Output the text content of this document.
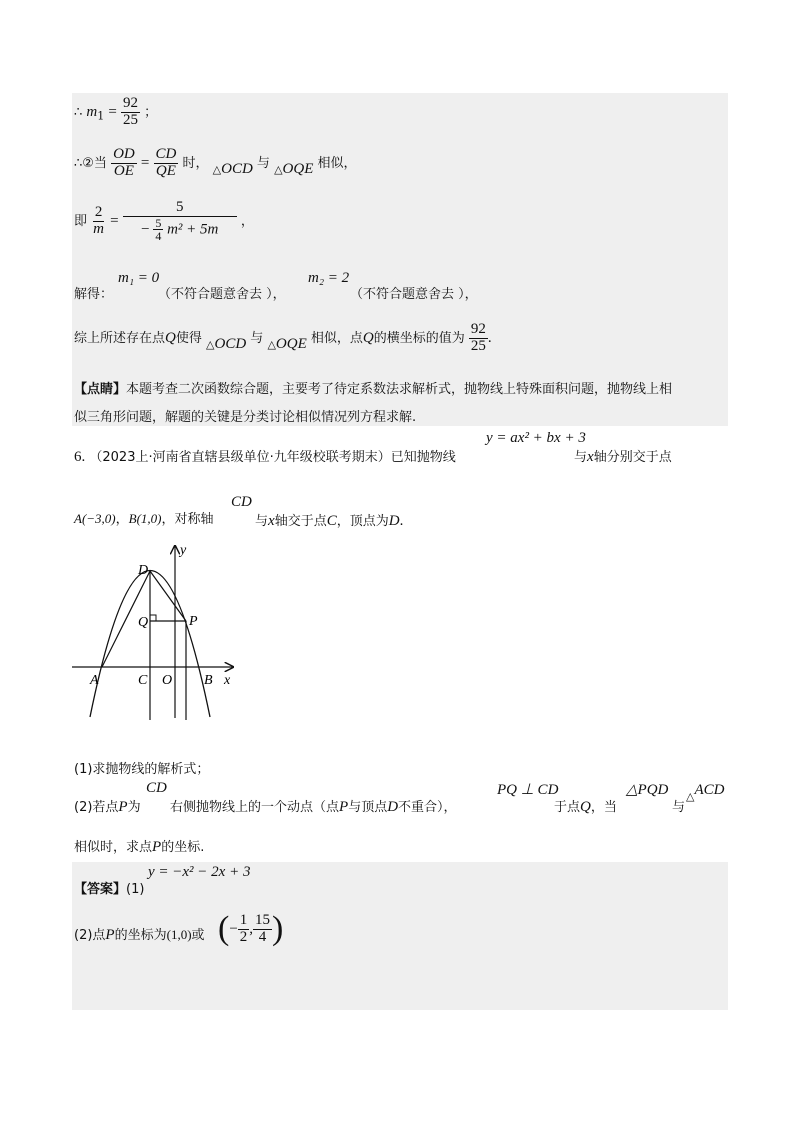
∴ $m_1 = \frac{92}{25}$ ；
∴②当 $\frac{OD}{OE} = \frac{CD}{QE}$ 时， $_\triangle$OCD 与 $_\triangle$OQE 相似，
即 $\frac{2}{m} = \frac{5}{- \frac{5}{4} m^2 + 5m}$ ，
解得：
m₁ = 0
（不符合题意舍去 ），
m₂ = 2
（不符合题意舍去 ），
综上所述存在点Q使得 $_\triangle$OCD 与 $_\triangle$OQE 相似，点Q的横坐标的值为 $\frac{92}{25}$ .
【点睛】本题考查二次函数综合题，主要考了待定系数法求解析式，抛物线上特殊面积问题，抛物线上相
似三角形问题，解题的关键是分类讨论相似情况列方程求解.
6. （2023上·河南省直辖县级单位·九年级校联考期末）已知抛物线
y = ax² + bx + 3
与x轴分别交于点
A(−3,0)，B(1,0)，对称轴
CD
与x轴交于点C，顶点为D.
y
x
D
Q	P
A	C O B
(1)求抛物线的解析式；
(2)若点P为
CD
右侧抛物线上的一个动点（点P与顶点D不重合），
PQ ⊥ CD
于点Q，当
△PQD
与
$_\triangle$ACD
相似时，求点P的坐标.
【答案】(1)
y = −x² − 2x + 3
(2)点P的坐标为(1,0)或 ( − $\frac{1}{2}$ , $\frac{15}{4}$ )
